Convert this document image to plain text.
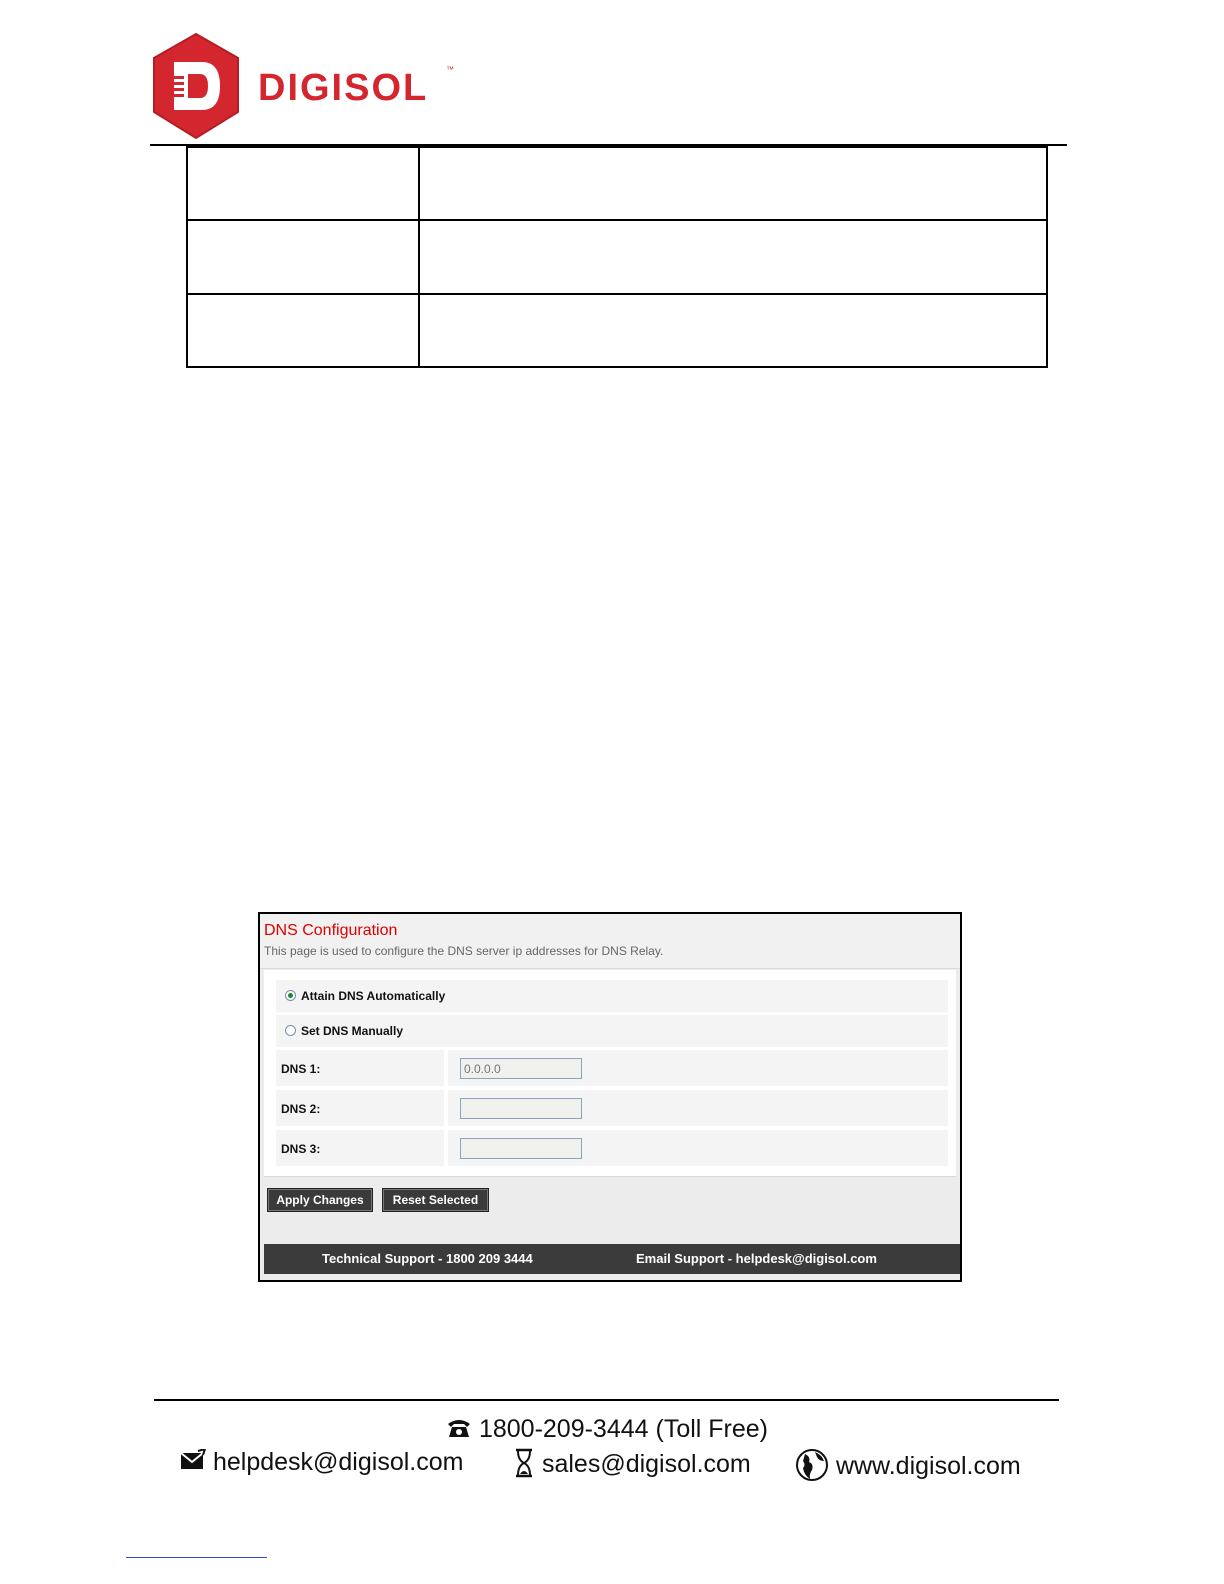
DIGISOL ™

DNS Configuration
This page is used to configure the DNS server ip addresses for DNS Relay.
Attain DNS Automatically
Set DNS Manually
DNS 1:
0.0.0.0
DNS 2:
DNS 3:
Apply Changes	Reset Selected
Technical Support - 1800 209 3444	Email Support - helpdesk@digisol.com
1800-209-3444 (Toll Free)
helpdesk@digisol.com	sales@digisol.com	www.digisol.com
